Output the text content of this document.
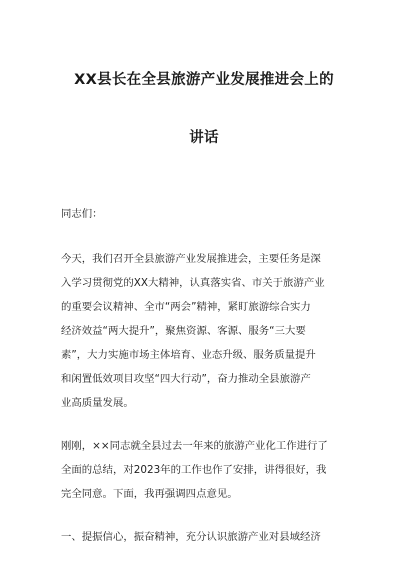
XX县长在全县旅游产业发展推进会上的
讲话
同志们：
今天，我们召开全县旅游产业发展推进会，主要任务是深
入学习贯彻党的XX大精神，认真落实省、市关于旅游产业
的重要会议精神、全市“两会”精神，紧盯旅游综合实力
经济效益“两大提升”，聚焦资源、客源、服务“三大要
素”，大力实施市场主体培育、业态升级、服务质量提升
和闲置低效项目攻坚“四大行动”，奋力推动全县旅游产
业高质量发展。
刚刚，××同志就全县过去一年来的旅游产业化工作进行了
全面的总结，对2023年的工作也作了安排，讲得很好，我
完全同意。下面，我再强调四点意见。
一、提振信心，振奋精神，充分认识旅游产业对县域经济
